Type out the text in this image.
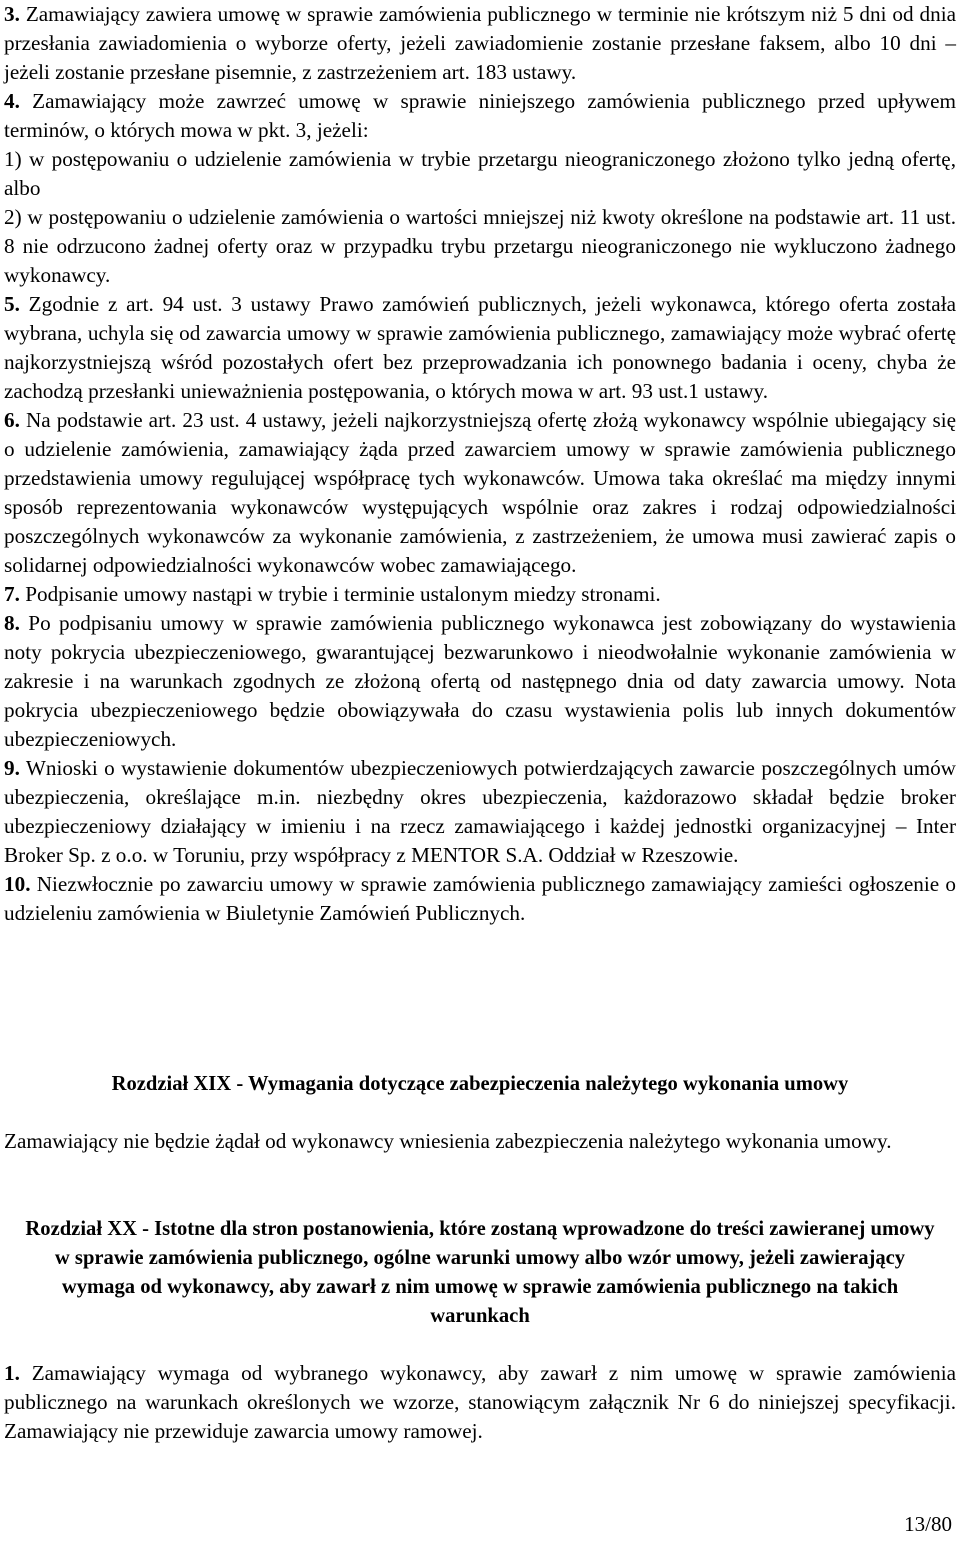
3. Zamawiający zawiera umowę w sprawie zamówienia publicznego w terminie nie krótszym niż 5 dni od dnia przesłania zawiadomienia o wyborze oferty, jeżeli zawiadomienie zostanie przesłane faksem, albo 10 dni – jeżeli zostanie przesłane pisemnie, z zastrzeżeniem art. 183 ustawy.

4. Zamawiający może zawrzeć umowę w sprawie niniejszego zamówienia publicznego przed upływem terminów, o których mowa w pkt. 3, jeżeli:

1) w postępowaniu o udzielenie zamówienia w trybie przetargu nieograniczonego złożono tylko jedną ofertę, albo

2) w postępowaniu o udzielenie zamówienia o wartości mniejszej niż kwoty określone na podstawie art. 11 ust. 8 nie odrzucono żadnej oferty oraz w przypadku trybu przetargu nieograniczonego nie wykluczono żadnego wykonawcy.

5. Zgodnie z art. 94 ust. 3 ustawy Prawo zamówień publicznych, jeżeli wykonawca, którego oferta została wybrana, uchyla się od zawarcia umowy w sprawie zamówienia publicznego, zamawiający może wybrać ofertę najkorzystniejszą wśród pozostałych ofert bez przeprowadzania ich ponownego badania i oceny, chyba że zachodzą przesłanki unieważnienia postępowania, o których mowa w art. 93 ust.1 ustawy.

6. Na podstawie art. 23 ust. 4 ustawy, jeżeli najkorzystniejszą ofertę złożą wykonawcy wspólnie ubiegający się o udzielenie zamówienia, zamawiający żąda przed zawarciem umowy w sprawie zamówienia publicznego przedstawienia umowy regulującej współpracę tych wykonawców. Umowa taka określać ma między innymi sposób reprezentowania wykonawców występujących wspólnie oraz zakres i rodzaj odpowiedzialności poszczególnych wykonawców za wykonanie zamówienia, z zastrzeżeniem, że umowa musi zawierać zapis o solidarnej odpowiedzialności wykonawców wobec zamawiającego.

7. Podpisanie umowy nastąpi w trybie i terminie ustalonym miedzy stronami.

8. Po podpisaniu umowy w sprawie zamówienia publicznego wykonawca jest zobowiązany do wystawienia noty pokrycia ubezpieczeniowego, gwarantującej bezwarunkowo i nieodwołalnie wykonanie zamówienia w zakresie i na warunkach zgodnych ze złożoną ofertą od następnego dnia od daty zawarcia umowy. Nota pokrycia ubezpieczeniowego będzie obowiązywała do czasu wystawienia polis lub innych dokumentów ubezpieczeniowych.

9. Wnioski o wystawienie dokumentów ubezpieczeniowych potwierdzających zawarcie poszczególnych umów ubezpieczenia, określające m.in. niezbędny okres ubezpieczenia, każdorazowo składał będzie broker ubezpieczeniowy działający w imieniu i na rzecz zamawiającego i każdej jednostki organizacyjnej – Inter Broker Sp. z o.o. w Toruniu, przy współpracy z MENTOR S.A. Oddział w Rzeszowie.

10. Niezwłocznie po zawarciu umowy w sprawie zamówienia publicznego zamawiający zamieści ogłoszenie o udzieleniu zamówienia w Biuletynie Zamówień Publicznych.

Rozdział XIX - Wymagania dotyczące zabezpieczenia należytego wykonania umowy

Zamawiający nie będzie żądał od wykonawcy wniesienia zabezpieczenia należytego wykonania umowy.

Rozdział XX - Istotne dla stron postanowienia, które zostaną wprowadzone do treści zawieranej umowy w sprawie zamówienia publicznego, ogólne warunki umowy albo wzór umowy, jeżeli zawierający wymaga od wykonawcy, aby zawarł z nim umowę w sprawie zamówienia publicznego na takich warunkach

1. Zamawiający wymaga od wybranego wykonawcy, aby zawarł z nim umowę w sprawie zamówienia publicznego na warunkach określonych we wzorze, stanowiącym załącznik Nr 6 do niniejszej specyfikacji. Zamawiający nie przewiduje zawarcia umowy ramowej.

13/80
